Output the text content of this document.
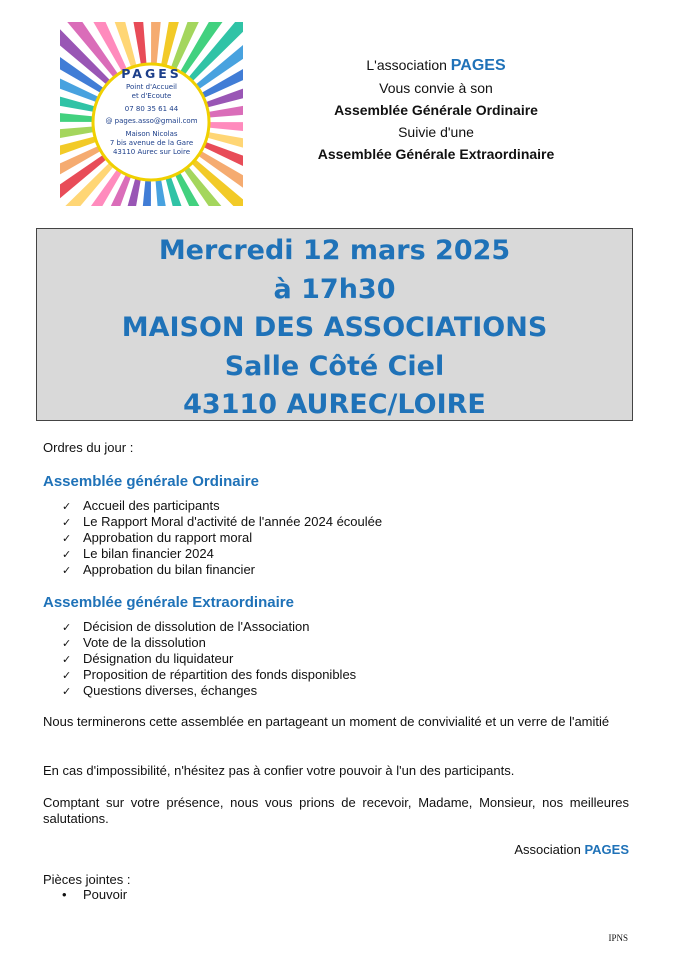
PAGES
Point d'Accueil
et d'Ecoute
07 80 35 61 44
@ pages.asso@gmail.com
Maison Nicolas
7 bis avenue de la Gare
43110 Aurec sur Loire
L'association PAGES
Vous convie à son
Assemblée Générale Ordinaire
Suivie d'une
Assemblée Générale Extraordinaire
Mercredi 12 mars 2025
à 17h30
MAISON DES ASSOCIATIONS
Salle Côté Ciel
43110 AUREC/LOIRE
Ordres du jour :
Assemblée générale Ordinaire
✓ Accueil des participants
✓ Le Rapport Moral d'activité de l'année 2024 écoulée
✓ Approbation du rapport moral
✓ Le bilan financier 2024
✓ Approbation du bilan financier
Assemblée générale Extraordinaire
✓ Décision de dissolution de l'Association
✓ Vote de la dissolution
✓ Désignation du liquidateur
✓ Proposition de répartition des fonds disponibles
✓ Questions diverses, échanges
Nous terminerons cette assemblée en partageant un moment de convivialité et un verre de l'amitié
En cas d'impossibilité, n'hésitez pas à confier votre pouvoir à l'un des participants.
Comptant sur votre présence, nous vous prions de recevoir, Madame, Monsieur, nos meilleures salutations.
Association PAGES
Pièces jointes :
• Pouvoir
IPNS
